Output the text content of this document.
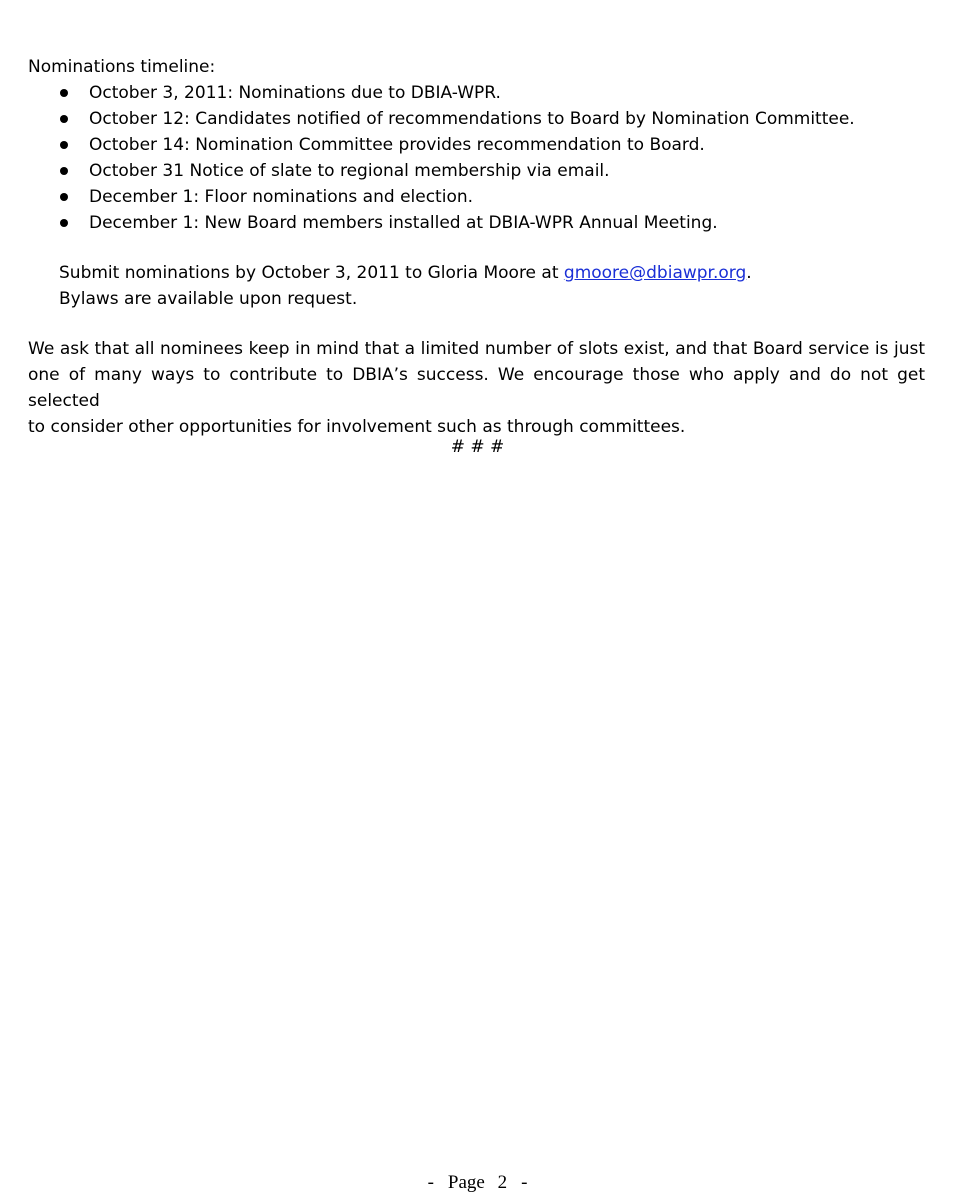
Nominations timeline:
October 3, 2011: Nominations due to DBIA-WPR.
October 12: Candidates notified of recommendations to Board by Nomination Committee.
October 14: Nomination Committee provides recommendation to Board.
October 31 Notice of slate to regional membership via email.
December 1: Floor nominations and election.
December 1: New Board members installed at DBIA-WPR Annual Meeting.
Submit nominations by October 3, 2011 to Gloria Moore at gmoore@dbiawpr.org.
Bylaws are available upon request.
We ask that all nominees keep in mind that a limited number of slots exist, and that Board service is just
one of many ways to contribute to DBIA’s success. We encourage those who apply and do not get selected
to consider other opportunities for involvement such as through committees.
# # #
- Page 2 -
